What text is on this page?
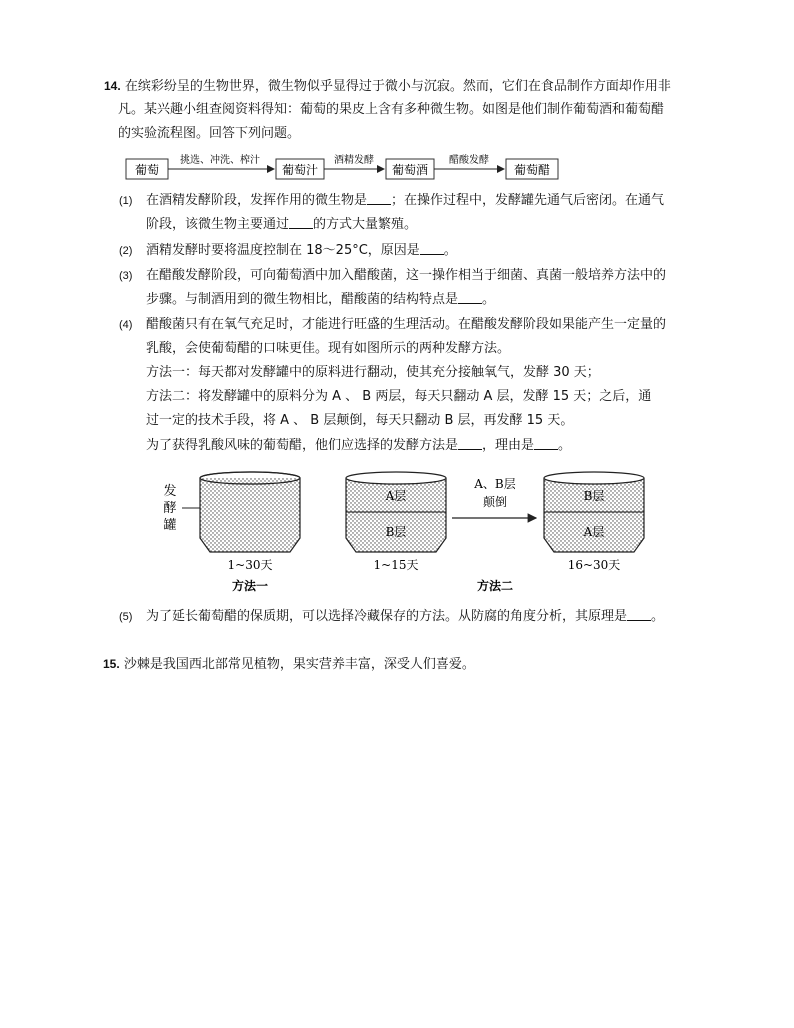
14. 在缤彩纷呈的生物世界，微生物似乎显得过于微小与沉寂。然而，它们在食品制作方面却作用非
凡。某兴趣小组查阅资料得知：葡萄的果皮上含有多种微生物。如图是他们制作葡萄酒和葡萄醋
的实验流程图。回答下列问题。
葡萄
挑选、冲洗、榨汁
葡萄汁
酒精发酵
葡萄酒
醋酸发酵
葡萄醋
(1) 在酒精发酵阶段，发挥作用的微生物是 ；在操作过程中，发酵罐先通气后密闭。在通气
阶段，该微生物主要通过 的方式大量繁殖。
(2) 酒精发酵时要将温度控制在 18～25°C，原因是 。
(3) 在醋酸发酵阶段，可向葡萄酒中加入醋酸菌，这一操作相当于细菌、真菌一般培养方法中的
步骤。与制酒用到的微生物相比，醋酸菌的结构特点是 。
(4) 醋酸菌只有在氧气充足时，才能进行旺盛的生理活动。在醋酸发酵阶段如果能产生一定量的
乳酸，会使葡萄醋的口味更佳。现有如图所示的两种发酵方法。
方法一：每天都对发酵罐中的原料进行翻动，使其充分接触氧气，发酵 30 天；
方法二：将发酵罐中的原料分为 A 、 B 两层，每天只翻动 A 层，发酵 15 天；之后，通
过一定的技术手段，将 A 、 B 层颠倒，每天只翻动 B 层，再发酵 15 天。
为了获得乳酸风味的葡萄醋，他们应选择的发酵方法是 ，理由是 。
发
酵
罐
1~30天
方法一
A层
B层
1~15天
A、B层
颠倒	B层
A层
16~30天
方法二
(5) 为了延长葡萄醋的保质期，可以选择冷藏保存的方法。从防腐的角度分析，其原理是 。
15. 沙棘是我国西北部常见植物，果实营养丰富，深受人们喜爱。
